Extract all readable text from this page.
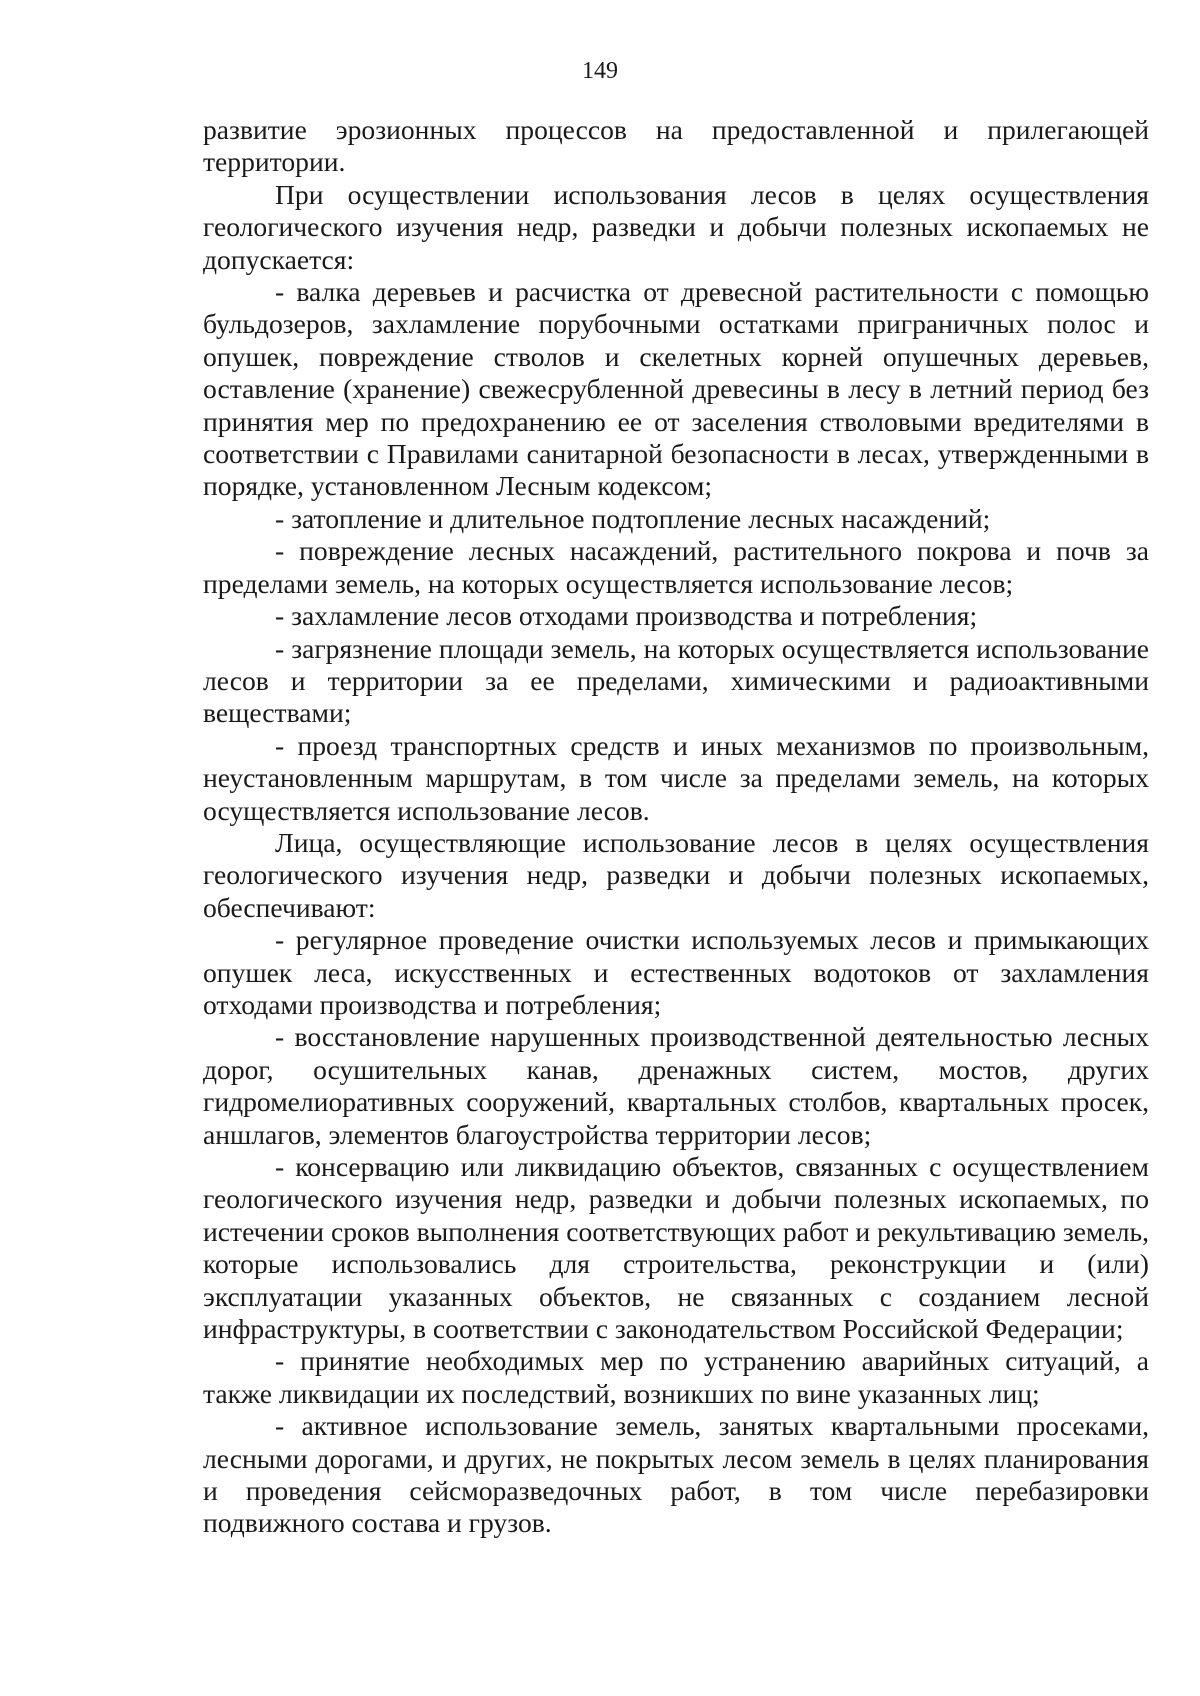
149

развитие эрозионных процессов на предоставленной и прилегающей территории.

При осуществлении использования лесов в целях осуществления геологического изучения недр, разведки и добычи полезных ископаемых не допускается:

- валка деревьев и расчистка от древесной растительности с помощью бульдозеров, захламление порубочными остатками приграничных полос и опушек, повреждение стволов и скелетных корней опушечных деревьев, оставление (хранение) свежесрубленной древесины в лесу в летний период без принятия мер по предохранению ее от заселения стволовыми вредителями в соответствии с Правилами санитарной безопасности в лесах, утвержденными в порядке, установленном Лесным кодексом;

- затопление и длительное подтопление лесных насаждений;

- повреждение лесных насаждений, растительного покрова и почв за пределами земель, на которых осуществляется использование лесов;

- захламление лесов отходами производства и потребления;

- загрязнение площади земель, на которых осуществляется использование лесов и территории за ее пределами, химическими и радиоактивными веществами;

- проезд транспортных средств и иных механизмов по произвольным, неустановленным маршрутам, в том числе за пределами земель, на которых осуществляется использование лесов.

Лица, осуществляющие использование лесов в целях осуществления геологического изучения недр, разведки и добычи полезных ископаемых, обеспечивают:

- регулярное проведение очистки используемых лесов и примыкающих опушек леса, искусственных и естественных водотоков от захламления отходами производства и потребления;

- восстановление нарушенных производственной деятельностью лесных дорог, осушительных канав, дренажных систем, мостов, других гидромелиоративных сооружений, квартальных столбов, квартальных просек, аншлагов, элементов благоустройства территории лесов;

- консервацию или ликвидацию объектов, связанных с осуществлением геологического изучения недр, разведки и добычи полезных ископаемых, по истечении сроков выполнения соответствующих работ и рекультивацию земель, которые использовались для строительства, реконструкции и (или) эксплуатации указанных объектов, не связанных с созданием лесной инфраструктуры, в соответствии с законодательством Российской Федерации;

- принятие необходимых мер по устранению аварийных ситуаций, а также ликвидации их последствий, возникших по вине указанных лиц;

- активное использование земель, занятых квартальными просеками, лесными дорогами, и других, не покрытых лесом земель в целях планирования и проведения сейсморазведочных работ, в том числе перебазировки подвижного состава и грузов.
